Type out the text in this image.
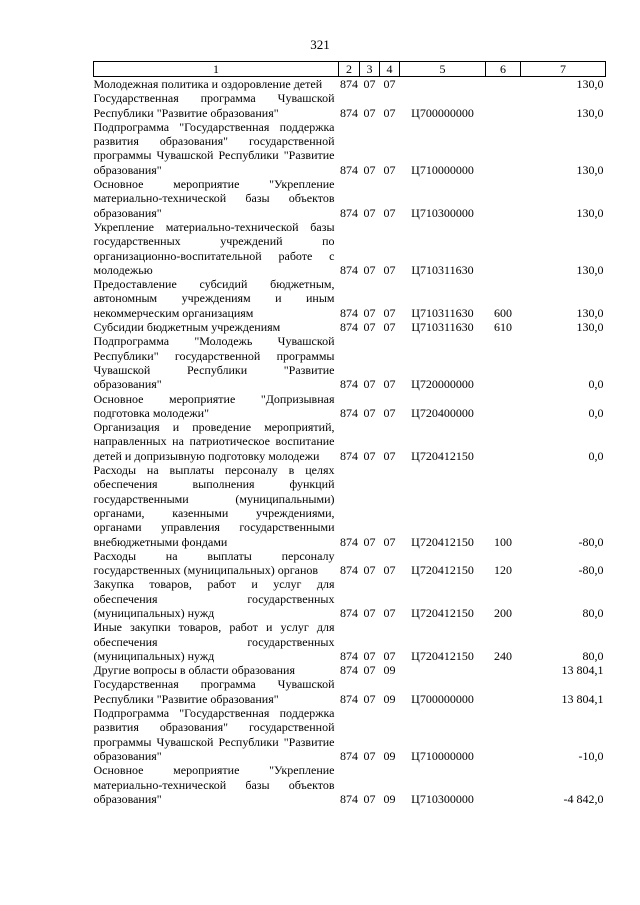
321
1	2	3	4	5	6	7
Молодежная политика и оздоровление детей	874	07	07			130,0
Государственная программа Чувашской Республики "Развитие образования"	874	07	07	Ц700000000		130,0
Подпрограмма "Государственная поддержка развития образования" государственной программы Чувашской Республики "Развитие образования"	874	07	07	Ц710000000		130,0
Основное мероприятие "Укрепление материально-технической базы объектов образования"	874	07	07	Ц710300000		130,0
Укрепление материально-технической базы государственных учреждений по организационно-воспитательной работе с молодежью	874	07	07	Ц710311630		130,0
Предоставление субсидий бюджетным, автономным учреждениям и иным некоммерческим организациям	874	07	07	Ц710311630	600	130,0
Субсидии бюджетным учреждениям	874	07	07	Ц710311630	610	130,0
Подпрограмма "Молодежь Чувашской Республики" государственной программы Чувашской Республики "Развитие образования"	874	07	07	Ц720000000		0,0
Основное мероприятие "Допризывная подготовка молодежи"	874	07	07	Ц720400000		0,0
Организация и проведение мероприятий, направленных на патриотическое воспитание детей и допризывную подготовку молодежи	874	07	07	Ц720412150		0,0
Расходы на выплаты персоналу в целях обеспечения выполнения функций государственными (муниципальными) органами, казенными учреждениями, органами управления государственными внебюджетными фондами	874	07	07	Ц720412150	100	-80,0
Расходы на выплаты персоналу государственных (муниципальных) органов	874	07	07	Ц720412150	120	-80,0
Закупка товаров, работ и услуг для обеспечения государственных (муниципальных) нужд	874	07	07	Ц720412150	200	80,0
Иные закупки товаров, работ и услуг для обеспечения государственных (муниципальных) нужд	874	07	07	Ц720412150	240	80,0
Другие вопросы в области образования	874	07	09			13 804,1
Государственная программа Чувашской Республики "Развитие образования"	874	07	09	Ц700000000		13 804,1
Подпрограмма "Государственная поддержка развития образования" государственной программы Чувашской Республики "Развитие образования"	874	07	09	Ц710000000		-10,0
Основное мероприятие "Укрепление материально-технической базы объектов образования"	874	07	09	Ц710300000		-4 842,0
